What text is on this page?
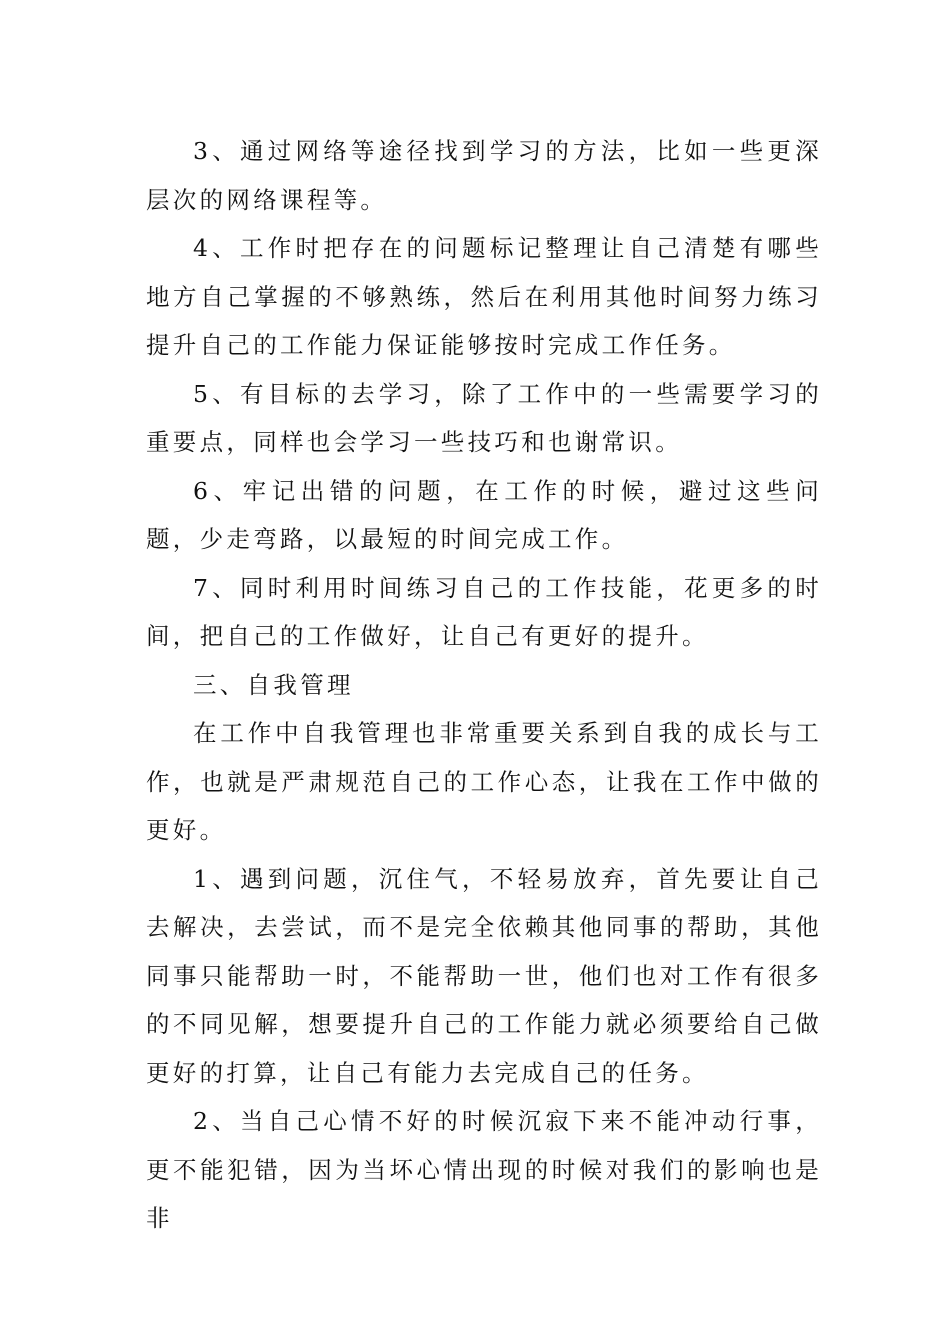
3、通过网络等途径找到学习的方法，比如一些更深层次的网络课程等。

4、工作时把存在的问题标记整理让自己清楚有哪些地方自己掌握的不够熟练，然后在利用其他时间努力练习提升自己的工作能力保证能够按时完成工作任务。

5、有目标的去学习，除了工作中的一些需要学习的重要点，同样也会学习一些技巧和也谢常识。

6、牢记出错的问题，在工作的时候，避过这些问题，少走弯路，以最短的时间完成工作。

7、同时利用时间练习自己的工作技能，花更多的时间，把自己的工作做好，让自己有更好的提升。

三、自我管理

在工作中自我管理也非常重要关系到自我的成长与工作，也就是严肃规范自己的工作心态，让我在工作中做的更好。

1、遇到问题，沉住气，不轻易放弃，首先要让自己去解决，去尝试，而不是完全依赖其他同事的帮助，其他同事只能帮助一时，不能帮助一世，他们也对工作有很多的不同见解，想要提升自己的工作能力就必须要给自己做更好的打算，让自己有能力去完成自己的任务。

2、当自己心情不好的时候沉寂下来不能冲动行事，更不能犯错，因为当坏心情出现的时候对我们的影响也是非
